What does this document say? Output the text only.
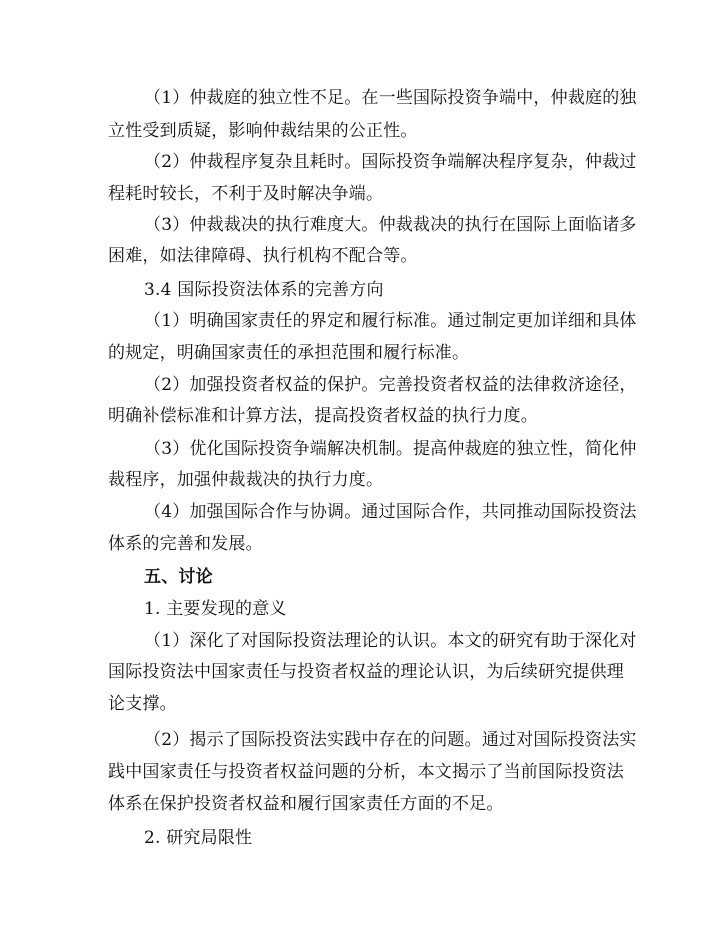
（1）仲裁庭的独立性不足。在一些国际投资争端中，仲裁庭的独
立性受到质疑，影响仲裁结果的公正性。
（2）仲裁程序复杂且耗时。国际投资争端解决程序复杂，仲裁过
程耗时较长，不利于及时解决争端。
（3）仲裁裁决的执行难度大。仲裁裁决的执行在国际上面临诸多
困难，如法律障碍、执行机构不配合等。
3.4 国际投资法体系的完善方向
（1）明确国家责任的界定和履行标准。通过制定更加详细和具体
的规定，明确国家责任的承担范围和履行标准。
（2）加强投资者权益的保护。完善投资者权益的法律救济途径，
明确补偿标准和计算方法，提高投资者权益的执行力度。
（3）优化国际投资争端解决机制。提高仲裁庭的独立性，简化仲
裁程序，加强仲裁裁决的执行力度。
（4）加强国际合作与协调。通过国际合作，共同推动国际投资法
体系的完善和发展。
五、讨论
1. 主要发现的意义
（1）深化了对国际投资法理论的认识。本文的研究有助于深化对
国际投资法中国家责任与投资者权益的理论认识，为后续研究提供理
论支撑。
（2）揭示了国际投资法实践中存在的问题。通过对国际投资法实
践中国家责任与投资者权益问题的分析，本文揭示了当前国际投资法
体系在保护投资者权益和履行国家责任方面的不足。
2. 研究局限性
